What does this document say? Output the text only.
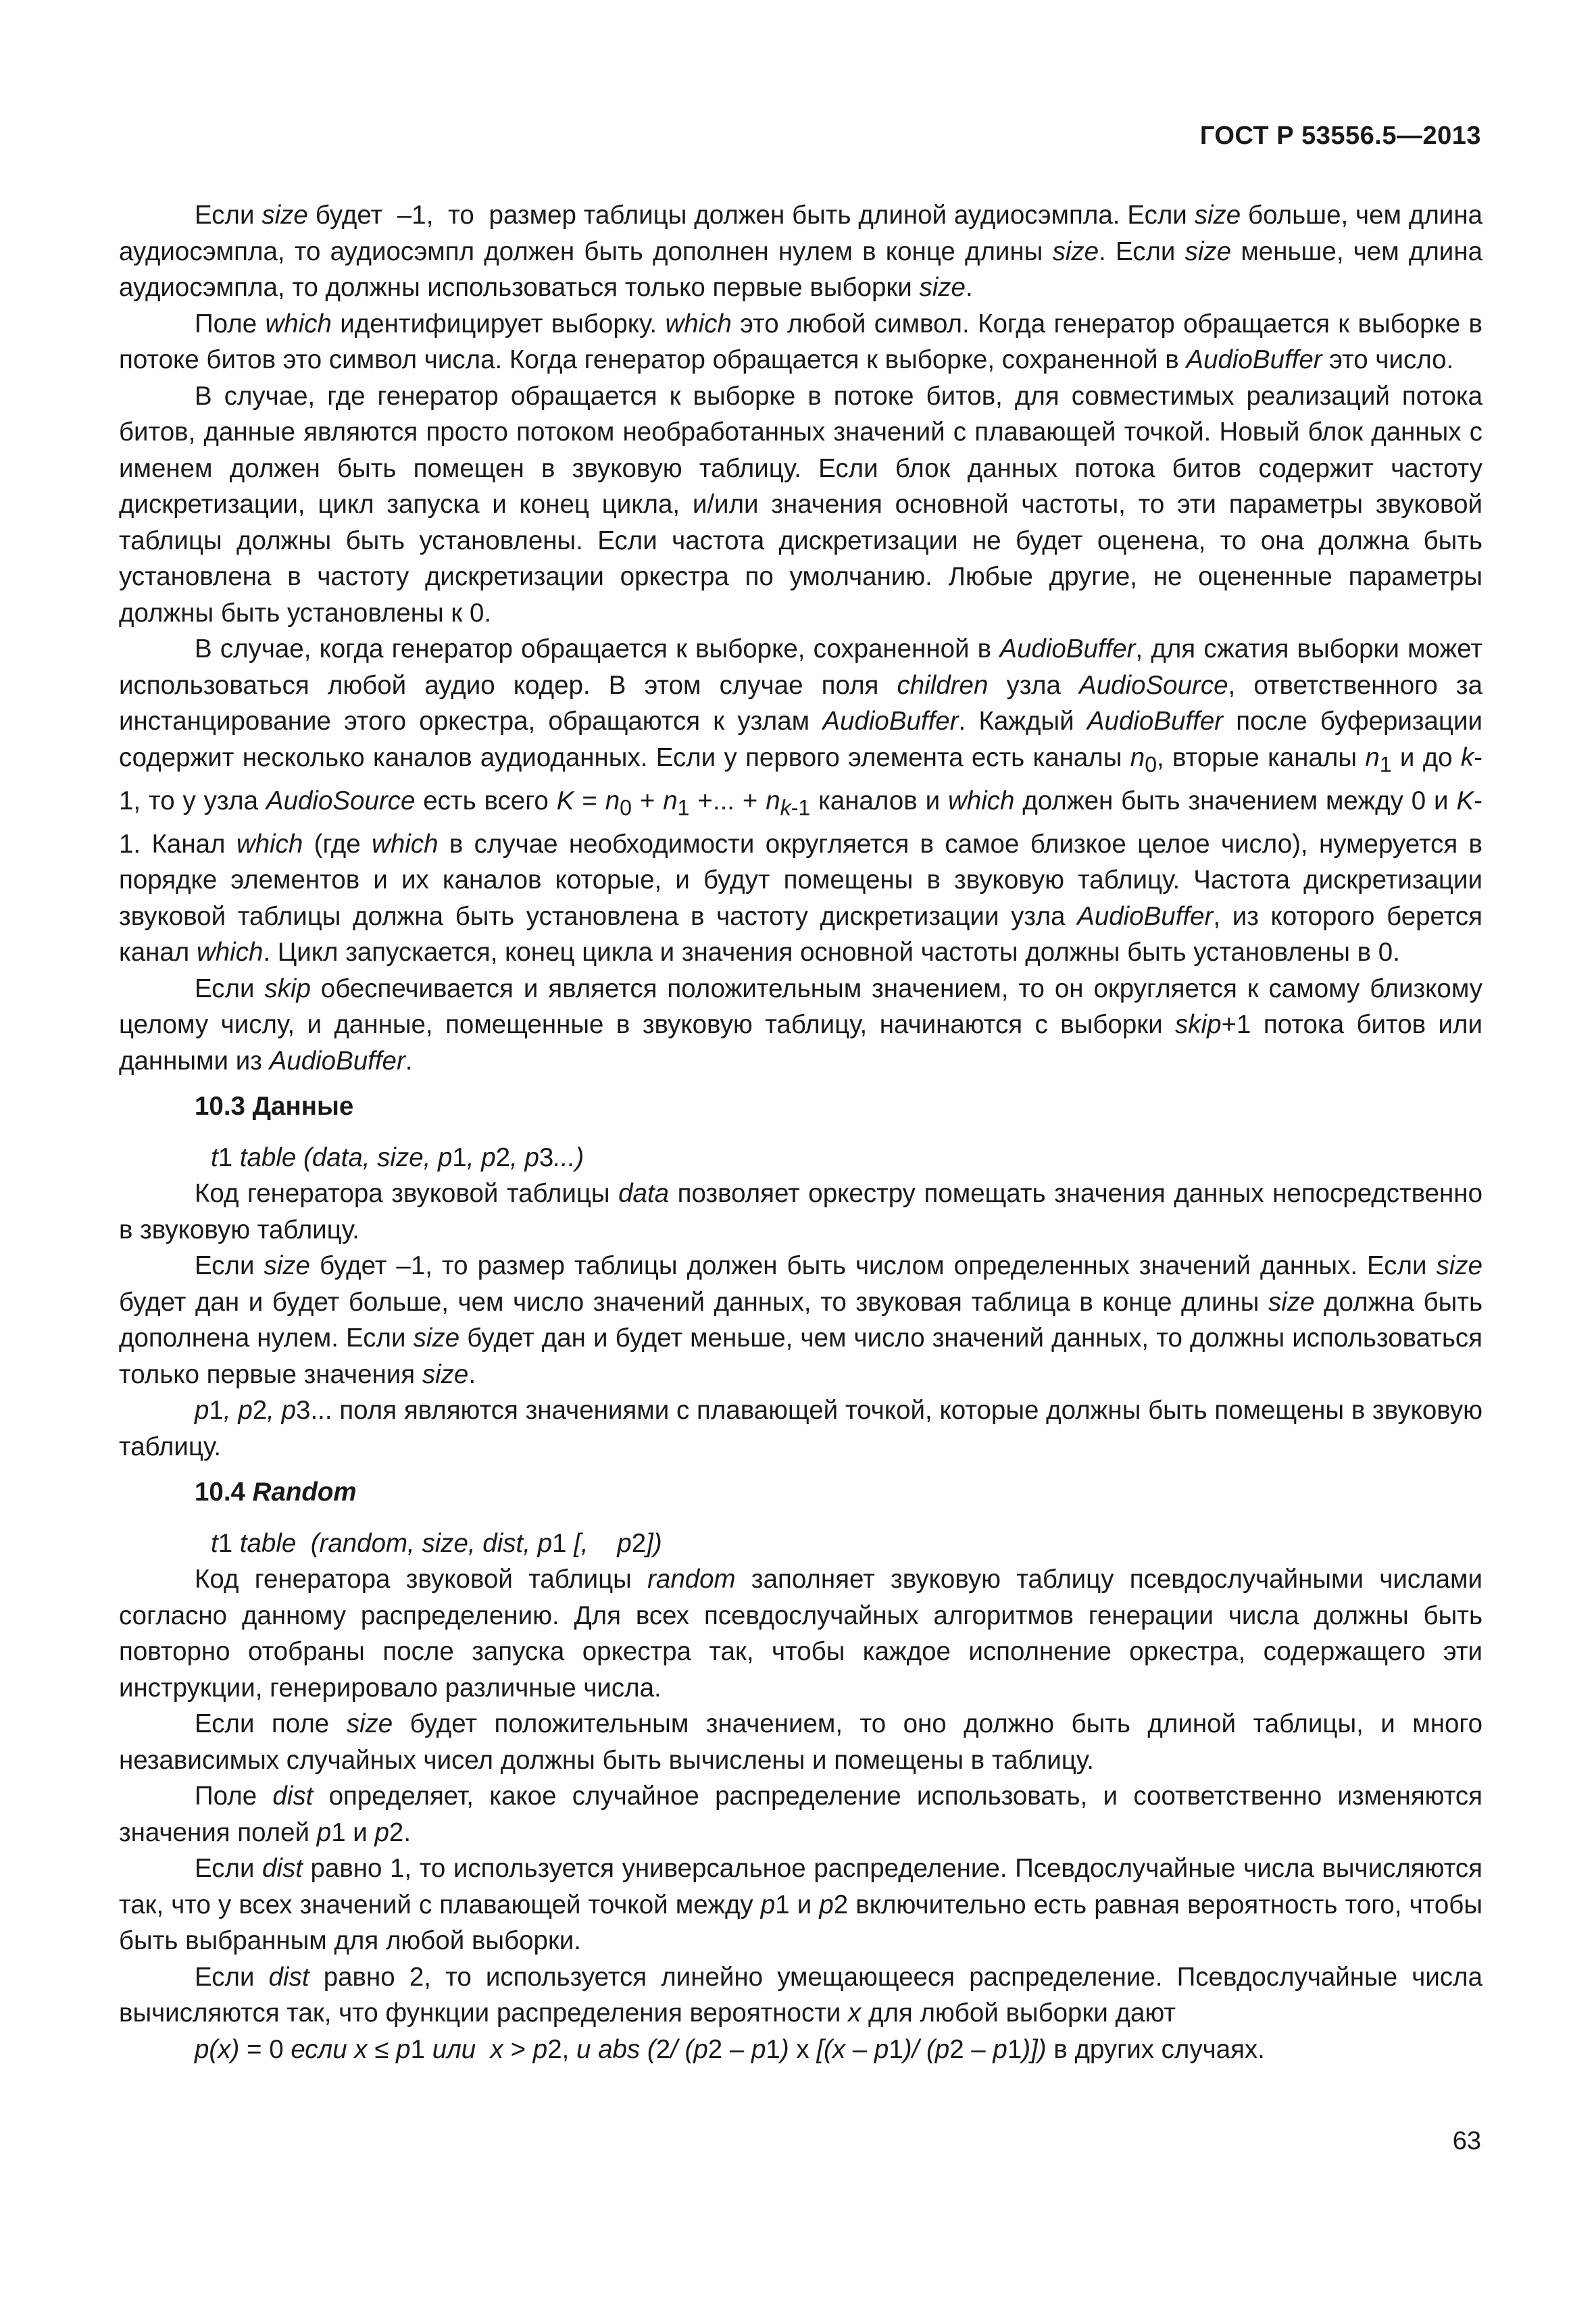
ГОСТ Р 53556.5—2013

Если size будет  –1,  то  размер таблицы должен быть длиной аудиосэмпла. Если size больше, чем длина аудиосэмпла, то аудиосэмпл должен быть дополнен нулем в конце длины size. Если size меньше, чем длина аудиосэмпла, то должны использоваться только первые выборки size.

Поле which идентифицирует выборку. which это любой символ. Когда генератор обращается к выборке в потоке битов это символ числа. Когда генератор обращается к выборке, сохраненной в AudioBuffer это число.

В случае, где генератор обращается к выборке в потоке битов, для совместимых реализаций потока битов, данные являются просто потоком необработанных значений с плавающей точкой. Новый блок данных с именем должен быть помещен в звуковую таблицу. Если блок данных потока битов содержит частоту дискретизации, цикл запуска и конец цикла, и/или значения основной частоты, то эти параметры звуковой таблицы должны быть установлены. Если частота дискретизации не будет оценена, то она должна быть установлена в частоту дискретизации оркестра по умолчанию. Любые другие, не оцененные параметры должны быть установлены к 0.

В случае, когда генератор обращается к выборке, сохраненной в AudioBuffer, для сжатия выборки может использоваться любой аудио кодер. В этом случае поля children узла AudioSource, ответственного за инстанцирование этого оркестра, обращаются к узлам AudioBuffer. Каждый AudioBuffer после буферизации содержит несколько каналов аудиоданных. Если у первого элемента есть каналы $n_0$, вторые каналы $n_1$ и до k-1, то у узла AudioSource есть всего $K = n_0 + n_1$ +... + $n_{k-1}$ каналов и which должен быть значением между 0 и K-1. Канал which (где which в случае необходимости округляется в самое близкое целое число), нумеруется в порядке элементов и их каналов которые, и будут помещены в звуковую таблицу. Частота дискретизации звуковой таблицы должна быть установлена в частоту дискретизации узла AudioBuffer, из которого берется канал which. Цикл запускается, конец цикла и значения основной частоты должны быть установлены в 0.

Если skip обеспечивается и является положительным значением, то он округляется к самому близкому целому числу, и данные, помещенные в звуковую таблицу, начинаются с выборки skip+1 потока битов или данными из AudioBuffer.

10.3 Данные

t1 table (data, size, p1, p2, p3...)

Код генератора звуковой таблицы data позволяет оркестру помещать значения данных непосредственно в звуковую таблицу.

Если size будет –1, то размер таблицы должен быть числом определенных значений данных. Если size будет дан и будет больше, чем число значений данных, то звуковая таблица в конце длины size должна быть дополнена нулем. Если size будет дан и будет меньше, чем число значений данных, то должны использоваться только первые значения size.

p1, p2, p3... поля являются значениями с плавающей точкой, которые должны быть помещены в звуковую таблицу.

10.4 Random

t1 table  (random, size, dist, p1 [,    p2])

Код генератора звуковой таблицы random заполняет звуковую таблицу псевдослучайными числами согласно данному распределению. Для всех псевдослучайных алгоритмов генерации числа должны быть повторно отобраны после запуска оркестра так, чтобы каждое исполнение оркестра, содержащего эти инструкции, генерировало различные числа.

Если поле size будет положительным значением, то оно должно быть длиной таблицы, и много независимых случайных чисел должны быть вычислены и помещены в таблицу.

Поле dist определяет, какое случайное распределение использовать, и соответственно изменяются значения полей p1 и p2.

Если dist равно 1, то используется универсальное распределение. Псевдослучайные числа вычисляются так, что у всех значений с плавающей точкой между p1 и p2 включительно есть равная вероятность того, чтобы быть выбранным для любой выборки.

Если dist равно 2, то используется линейно умещающееся распределение. Псевдослучайные числа вычисляются так, что функции распределения вероятности x для любой выборки дают

p(x) = 0 если x ≤ p1 или  x > p2, и abs (2/ (p2 – p1) x [(x – p1)/ (p2 – p1)]) в других случаях.

63
